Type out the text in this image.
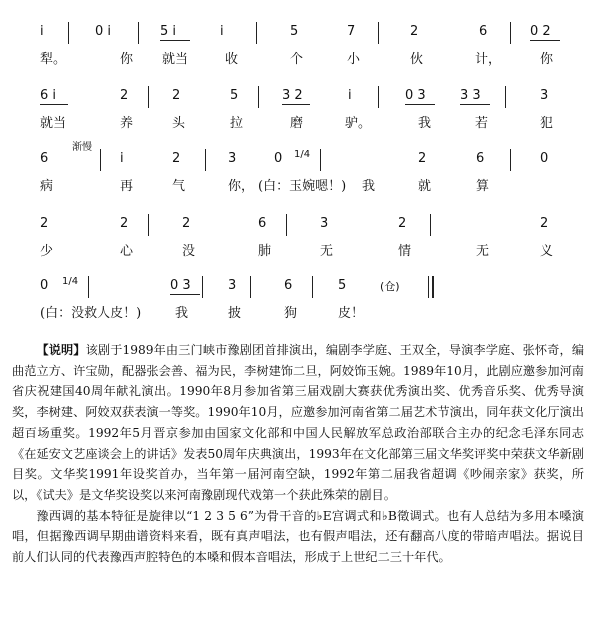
i	0 i	5 i	i	5	7	2	6	0 2
犁。	你 就当	收	个	小	伙	计，	你
6 i	2	2	5	3 2	i	0 3	3 3	3
就当	养	头	拉	磨	驴。	我	若	犯
渐慢
6	i	2	3	0 1/4	2	6	0
病	再	气	你， (白：玉婉嗯！) 我	就	算
2	2	2	6	3	2	2
少	心	没	肺	无	情	无	义
0 1/4	0 3	3	6	5	(仓)
(白：没救人皮！)	我	披	狗	皮！

【说明】该剧于1989年由三门峡市豫剧团首排演出，编剧李学庭、王双全，导演李学庭、张怀奇，编曲范立方、许宝勋，配器张会善、福为民，李树建饰二旦，阿姣饰玉婉。1989年10月，此剧应邀参加河南省庆祝建国40周年献礼演出。1990年8月参加省第三届戏剧大赛获优秀演出奖、优秀音乐奖、优秀导演奖，李树建、阿姣双获表演一等奖。1990年10月，应邀参加河南省第二届艺术节演出，同年获文化厅演出超百场重奖。1992年5月晋京参加由国家文化部和中国人民解放军总政治部联合主办的纪念毛泽东同志《在延安文艺座谈会上的讲话》发表50周年庆典演出，1993年在文化部第三届文华奖评奖中荣获文华新剧目奖。文华奖1991年设奖首办，当年第一届河南空缺，1992年第二届我省超调《吵闹亲家》获奖，所以，《试夫》是文华奖设奖以来河南豫剧现代戏第一个获此殊荣的剧目。

豫西调的基本特征是旋律以“1 2 3 5 6”为骨干音的♭E宫调式和♭B徵调式。也有人总结为多用本嗓演唱，但据豫西调早期曲谱资料来看，既有真声唱法，也有假声唱法，还有翻高八度的带暗声唱法。据说目前人们认同的代表豫西声腔特色的本嗓和假本音唱法，形成于上世纪二三十年代。
